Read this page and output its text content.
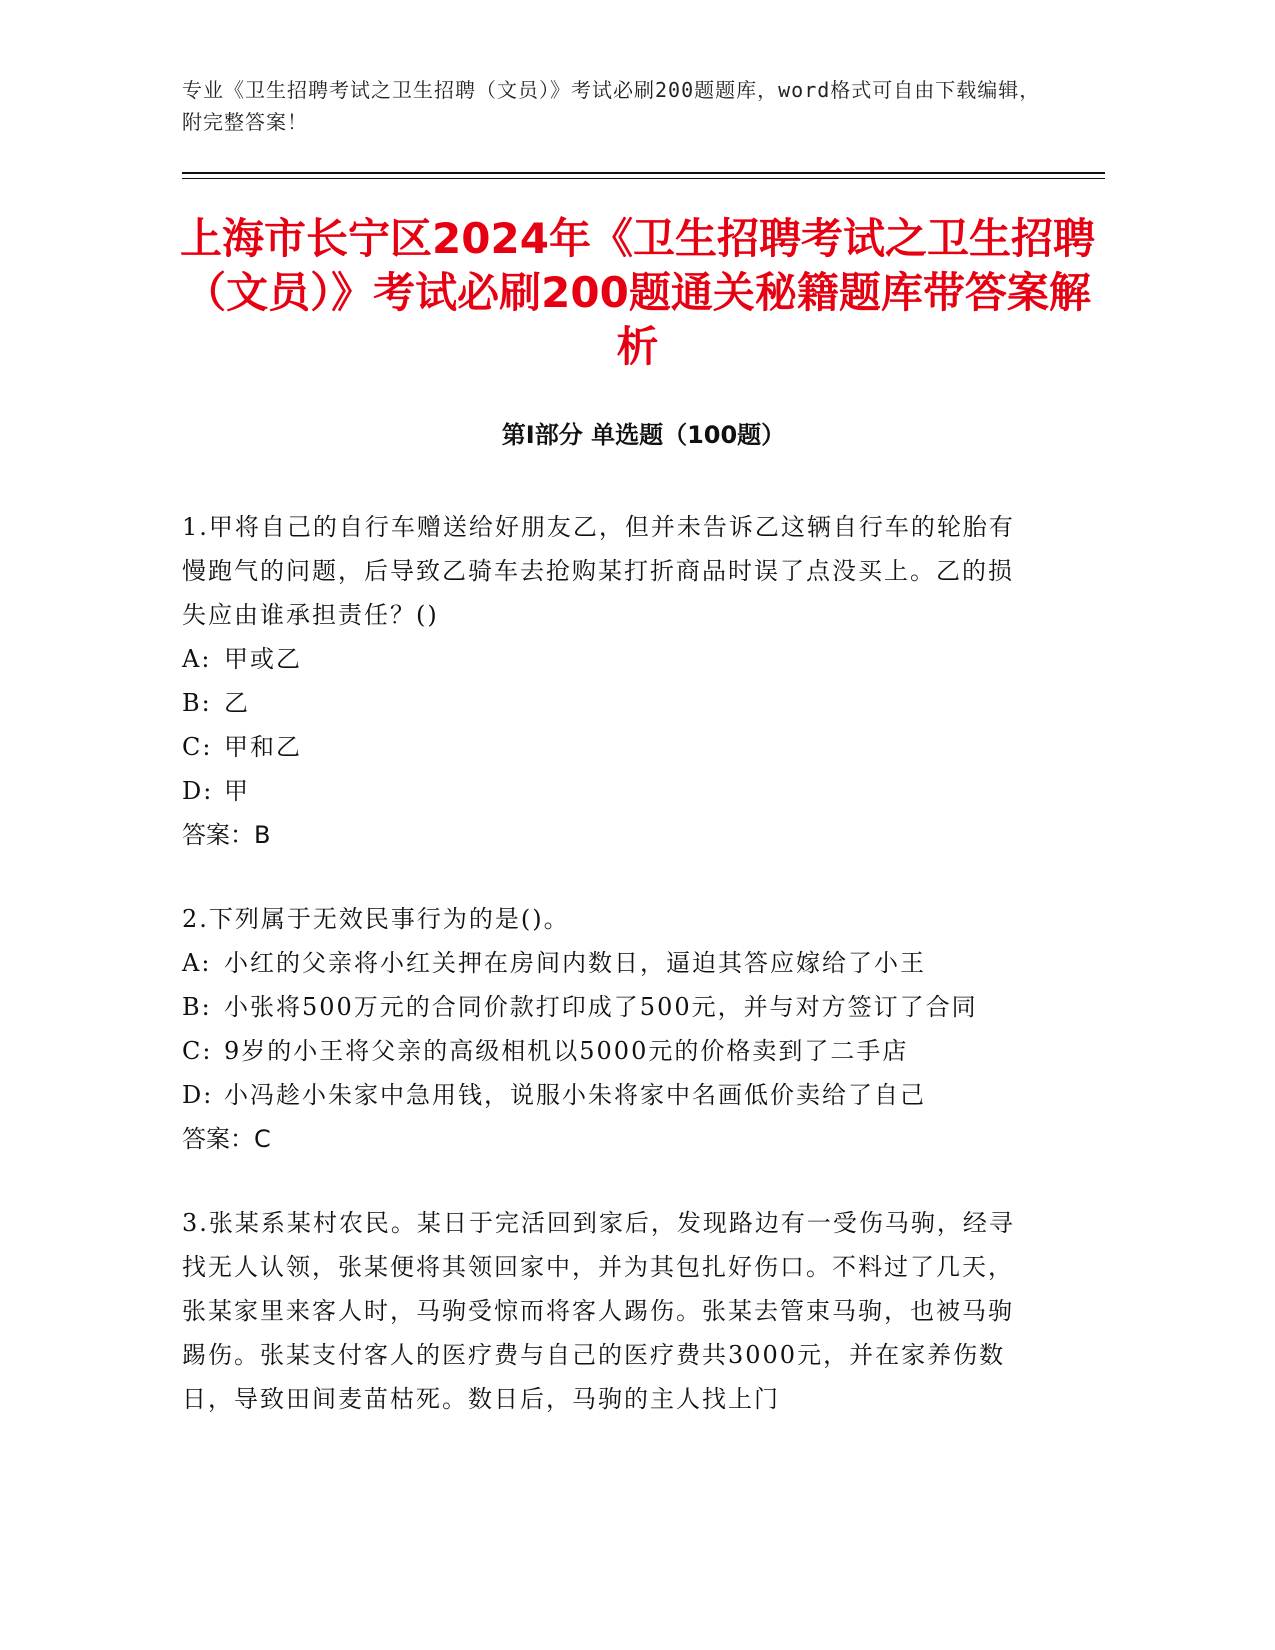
专业《卫生招聘考试之卫生招聘（文员）》考试必刷200题题库，word格式可自由下载编辑，附完整答案！
上海市长宁区2024年《卫生招聘考试之卫生招聘（文员）》考试必刷200题通关秘籍题库带答案解析
第I部分 单选题（100题）
1.甲将自己的自行车赠送给好朋友乙，但并未告诉乙这辆自行车的轮胎有慢跑气的问题，后导致乙骑车去抢购某打折商品时误了点没买上。乙的损失应由谁承担责任？()
A: 甲或乙
B: 乙
C: 甲和乙
D: 甲
答案：B
2.下列属于无效民事行为的是()。
A: 小红的父亲将小红关押在房间内数日，逼迫其答应嫁给了小王
B: 小张将500万元的合同价款打印成了500元，并与对方签订了合同
C: 9岁的小王将父亲的高级相机以5000元的价格卖到了二手店
D: 小冯趁小朱家中急用钱，说服小朱将家中名画低价卖给了自己
答案：C
3.张某系某村农民。某日于完活回到家后，发现路边有一受伤马驹，经寻找无人认领，张某便将其领回家中，并为其包扎好伤口。不料过了几天，张某家里来客人时，马驹受惊而将客人踢伤。张某去管束马驹，也被马驹踢伤。张某支付客人的医疗费与自己的医疗费共3000元，并在家养伤数日，导致田间麦苗枯死。数日后，马驹的主人找上门
